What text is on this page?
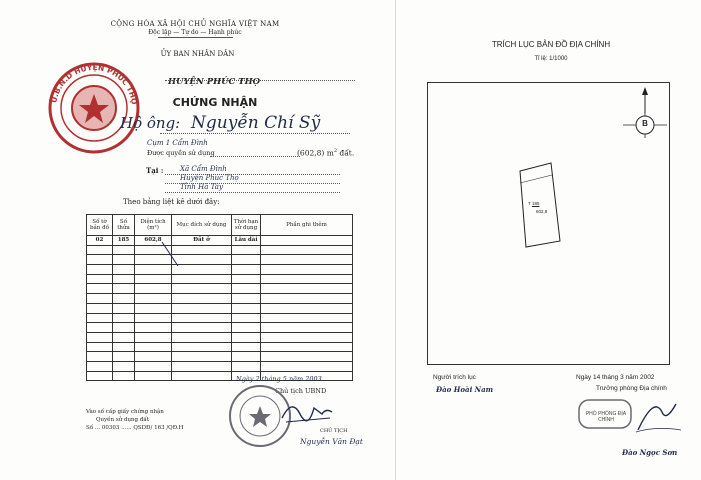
CỘNG HÒA XÃ HỘI CHỦ NGHĨA VIỆT NAM
Độc lập — Tự do — Hạnh phúc
ỦY BAN NHÂN DÂN
HUYỆN PHÚC THỌ
U.B.N.D HUYỆN PHÚC THỌ	CHỨNG NHẬN
Hộ ông: Nguyễn Chí Sỹ
Cụm 1 Cẩm Đình
Được quyền sử dụng	(602,8) $m^2$ đất.
Tại : Xã Cẩm Đình
Huyện Phúc Thọ
Tỉnh Hà Tây
Theo bảng liệt kê dưới đây:
Số tờ bản đồ	Số thửa	Diện tích (m²)	Mục đích sử dụng	Thời hạn sử dụng	Phần ghi thêm
02	185	602,8	Đất ở	Lâu dài	

Ngày 2 tháng 5 năm 2003
Chủ tịch UBND
CHỦ TỊCH
Nguyễn Văn Đạt
Vào số cấp giấy chứng nhận
Quyền sử dụng đất
Số ... 00303 ...... QSDĐ/ 163 /QĐ.H
TRÍCH LỤC BẢN ĐỒ ĐỊA CHÍNH
Tỉ lệ: 1/1000
B
T 185
602,8
Người trích lục
Đào Hoài Nam
Ngày 14 tháng 3 năm 2002
Trưởng phòng Địa chính
PHÓ PHÒNG ĐỊA CHÍNH
Đào Ngọc Sơn
